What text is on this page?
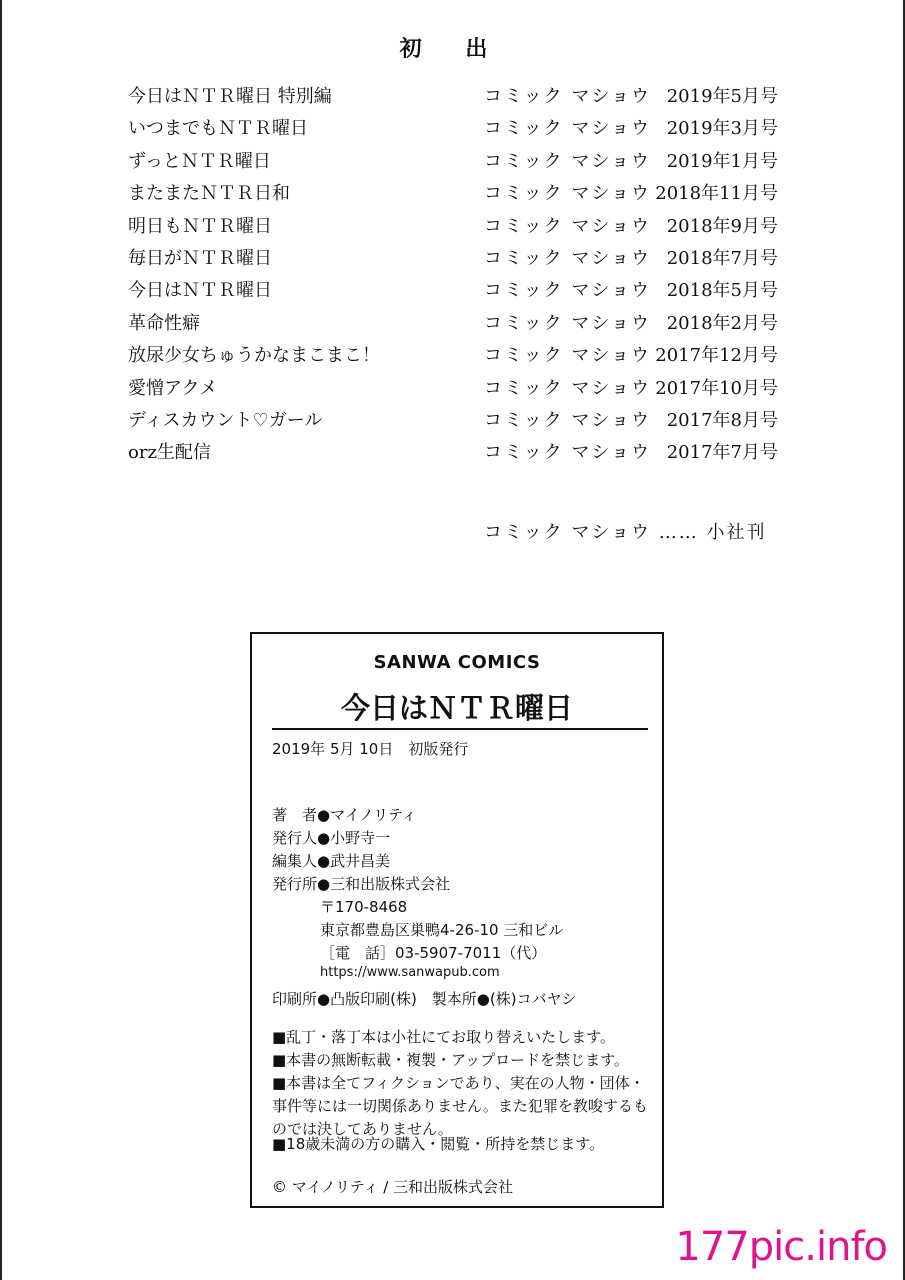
初 出
今日はＮＴＲ曜日 特別編	コミック マショウ 2019年5月号
いつまでもＮＴＲ曜日	コミック マショウ 2019年3月号
ずっとＮＴＲ曜日	コミック マショウ 2019年1月号
またまたＮＴＲ日和	コミック マショウ 2018年11月号
明日もＮＴＲ曜日	コミック マショウ 2018年9月号
毎日がＮＴＲ曜日	コミック マショウ 2018年7月号
今日はＮＴＲ曜日	コミック マショウ 2018年5月号
革命性癖	コミック マショウ 2018年2月号
放尿少女ちゅうかなまこまこ！	コミック マショウ 2017年12月号
愛憎アクメ	コミック マショウ 2017年10月号
ディスカウント♡ガール	コミック マショウ 2017年8月号
orz生配信	コミック マショウ 2017年7月号
コミック マショウ …… 小社刊
SANWA COMICS
今日はＮＴＲ曜日
2019年 5月 10日　初版発行
著　者●マイノリティ
発行人●小野寺一
編集人●武井昌美
発行所●三和出版株式会社
〒170-8468
東京都豊島区巣鴨4-26-10 三和ビル
［電　話］03-5907-7011（代）
https://www.sanwapub.com
印刷所●凸版印刷(株)　製本所●(株)コバヤシ
■乱丁・落丁本は小社にてお取り替えいたします。
■本書の無断転載・複製・アップロードを禁じます。
■本書は全てフィクションであり、実在の人物・団体・事件等には一切関係ありません。また犯罪を教唆するものでは決してありません。
■18歳未満の方の購入・閲覧・所持を禁じます。
© マイノリティ / 三和出版株式会社
177pic.info
